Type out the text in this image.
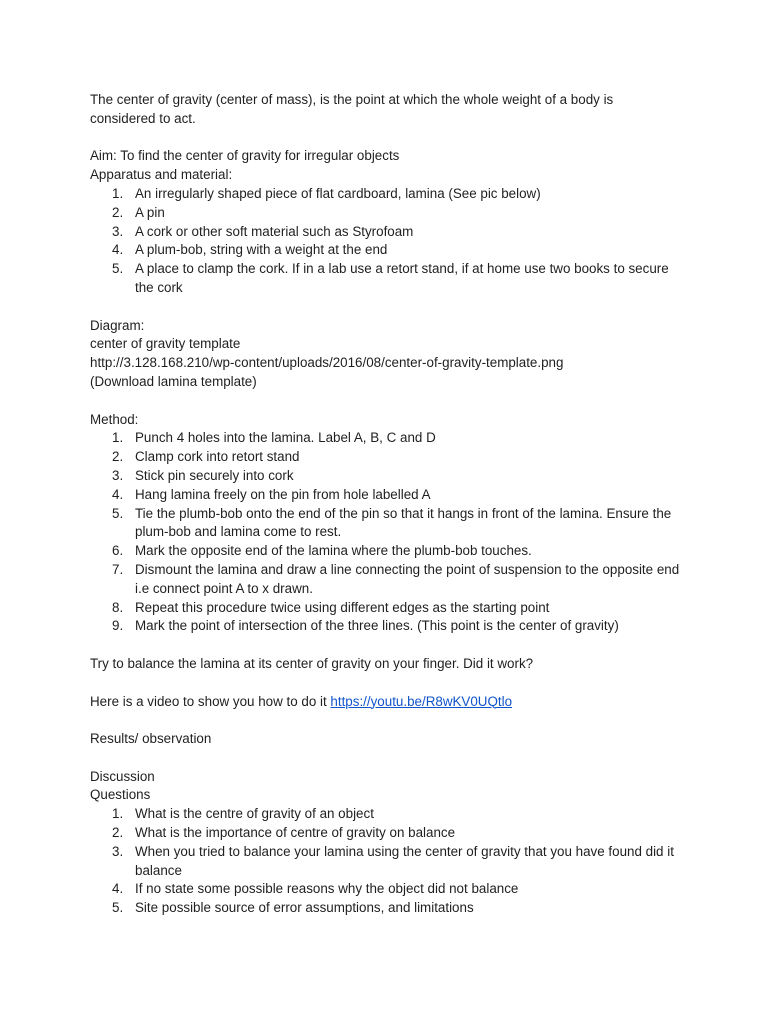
The center of gravity (center of mass), is the point at which the whole weight of a body is considered to act.

Aim: To find the center of gravity for irregular objects

Apparatus and material:

1. An irregularly shaped piece of flat cardboard, lamina (See pic below)
2. A pin
3. A cork or other soft material such as Styrofoam
4. A plum-bob, string with a weight at the end
5. A place to clamp the cork. If in a lab use a retort stand, if at home use two books to secure the cork

Diagram:

center of gravity template

http://3.128.168.210/wp-content/uploads/2016/08/center-of-gravity-template.png

(Download lamina template)

Method:

1. Punch 4 holes into the lamina. Label A, B, C and D
2. Clamp cork into retort stand
3. Stick pin securely into cork
4. Hang lamina freely on the pin from hole labelled A
5. Tie the plumb-bob onto the end of the pin so that it hangs in front of the lamina. Ensure the plum-bob and lamina come to rest.
6. Mark the opposite end of the lamina where the plumb-bob touches.
7. Dismount the lamina and draw a line connecting the point of suspension to the opposite end i.e connect point A to x drawn.
8. Repeat this procedure twice using different edges as the starting point
9. Mark the point of intersection of the three lines. (This point is the center of gravity)

Try to balance the lamina at its center of gravity on your finger. Did it work?

Here is a video to show you how to do it https://youtu.be/R8wKV0UQtlo

Results/ observation

Discussion

Questions

1. What is the centre of gravity of an object
2. What is the importance of centre of gravity on balance
3. When you tried to balance your lamina using the center of gravity that you have found did it balance
4. If no state some possible reasons why the object did not balance
5. Site possible source of error assumptions, and limitations
